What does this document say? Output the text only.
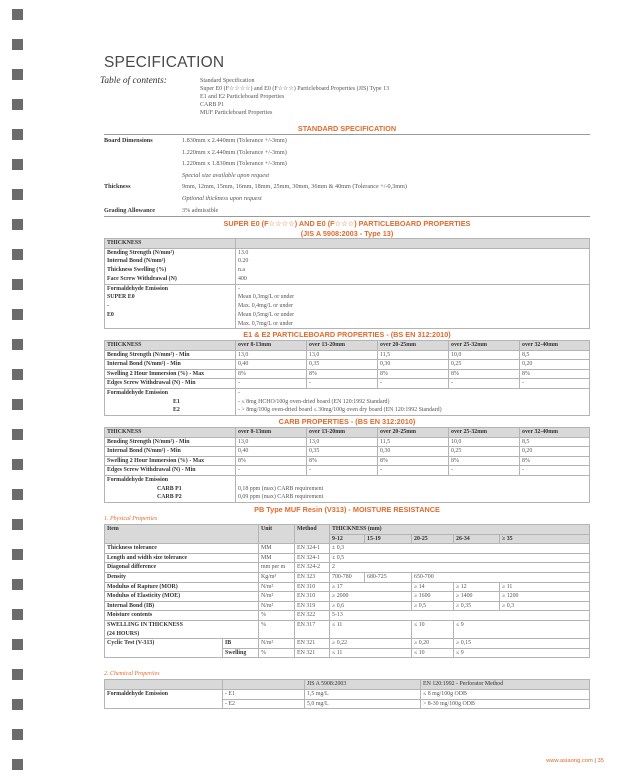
SPECIFICATION
Table of contents:	Standard Specification
Super E0 (F☆☆☆☆) and E0 (F☆☆☆) Particleboard Properties (JIS) Type 13
E1 and E2 Particleboard Properties
CARB P1
MUF Particleboard Properties
STANDARD SPECIFICATION
Board Dimensions	1.830mm x 2.440mm (Tolerance +/-3mm)
1.220mm x 2.440mm (Tolerance +/-3mm)
1.220mm x 1.830mm (Tolerance +/-3mm)
Special size available upon request
Thickness	9mm, 12mm, 15mm, 16mm, 18mm, 25mm, 30mm, 36mm & 40mm (Tolerance +/-0,3mm)
Optional thickness upon request
Grading Allowance	3% admissible
SUPER E0 (F☆☆☆☆) AND E0 (F☆☆☆) PARTICLEBOARD PROPERTIES
(JIS A 5908:2003 - Type 13)
THICKNESS	
Bending Strength (N/mm²)	13.0
Internal Bond (N/mm²)	0.20
Thickness Swelling (%)	n.a
Face Screw Withdrawal (N)	400
Formaldehyde Emission	-
SUPER E0	Mean 0,3mg/L or under
-	Max. 0,4mg/L or under
E0	Mean 0,5mg/L or under
	Max. 0,7mg/L or under
E1 & E2 PARTICLEBOARD PROPERTIES - (BS EN 312:2010)
THICKNESS	over 8-13mm	over 13-20mm	over 20-25mm	over 25-32mm	over 32-40mm
Bending Strength (N/mm²) - Min	13,0	13,0	11,5	10,0	8,5
Internal Bond (N/mm²) - Min	0,40	0,35	0,30	0,25	0,20
Swelling 2 Hour Immersion (%) - Max	8%	8%	8%	8%	8%
Edges Screw Withdrawal (N) - Min	-	-	-	-	-
Formaldehyde Emission	-				
E1	- ≤ 8mg HCHO/100g oven-dried board (EN 120:1992 Standard)				
E2	- > 8mg/100g oven-dried board ≤ 30mg/100g oven dry board (EN 120:1992 Standard)				
CARB PROPERTIES - (BS EN 312:2010)
THICKNESS	over 8-13mm	over 13-20mm	over 20-25mm	over 25-32mm	over 32-40mm
Bending Strength (N/mm²) - Min	13,0	13,0	11,5	10,0	8,5
Internal Bond (N/mm²) - Min	0,40	0,35	0,30	0,25	0,20
Swelling 2 Hour Immersion (%) - Max	8%	8%	8%	8%	8%
Edges Screw Withdrawal (N) - Min	-	-	-	-	-
Formaldehyde Emission					
CARB P1	0,18 ppm (max) CARB requirement				
CARB P2	0,09 ppm (max) CARB requirement				
PB Type MUF Resin (V313) - MOISTURE RESISTANCE
1. Physical Properties
Item		Unit	Method	THICKNESS (mm)				
				9-12	15-19	20-25	26-34	≥ 35
Thickness tolerance		MM	EN 324-1	± 0,3				
Length and width size tolerance		MM	EN 324-1	± 0,5				
Diagonal difference		mm per m	EN 324-2	2				
Density		Kg/m³	EN 323	700-780	680-725	650-700		
Modulus of Rapture (MOR)		N/m²	EN 310	≥ 17		≥ 14	≥ 12	≥ 11
Modulus of Elasticity (MOE)		N/m²	EN 310	≥ 2000		≥ 1600	≥ 1400	≥ 1200
Internal Bond (IB)		N/m²	EN 319	≥ 0,6		≥ 0,5	≥ 0,35	≥ 0,3
Moisture contents		%	EN 322	5-13				
SWELLING IN THICKNESS
(24 HOURS)		%	EN 317	≤ 11		≤ 10	≤ 9	
Cyclic Test (V-313)	IB	N/m²	EN 321	≥ 0,22		≥ 0,20	≥ 0,15	
	Swelling	%	EN 321	≤ 11		≤ 10	≤ 9	
2. Chemical Properties
		JIS A 5908:2003	EN 120:1992 - Perforator Method
Formaldehyde Emission	- E1	1,5 mg/L	≤ 8 mg/100g ODB
	- E2	5,0 mg/L	> 8-30 mg/100g ODB
www.asiaong.com | 35
